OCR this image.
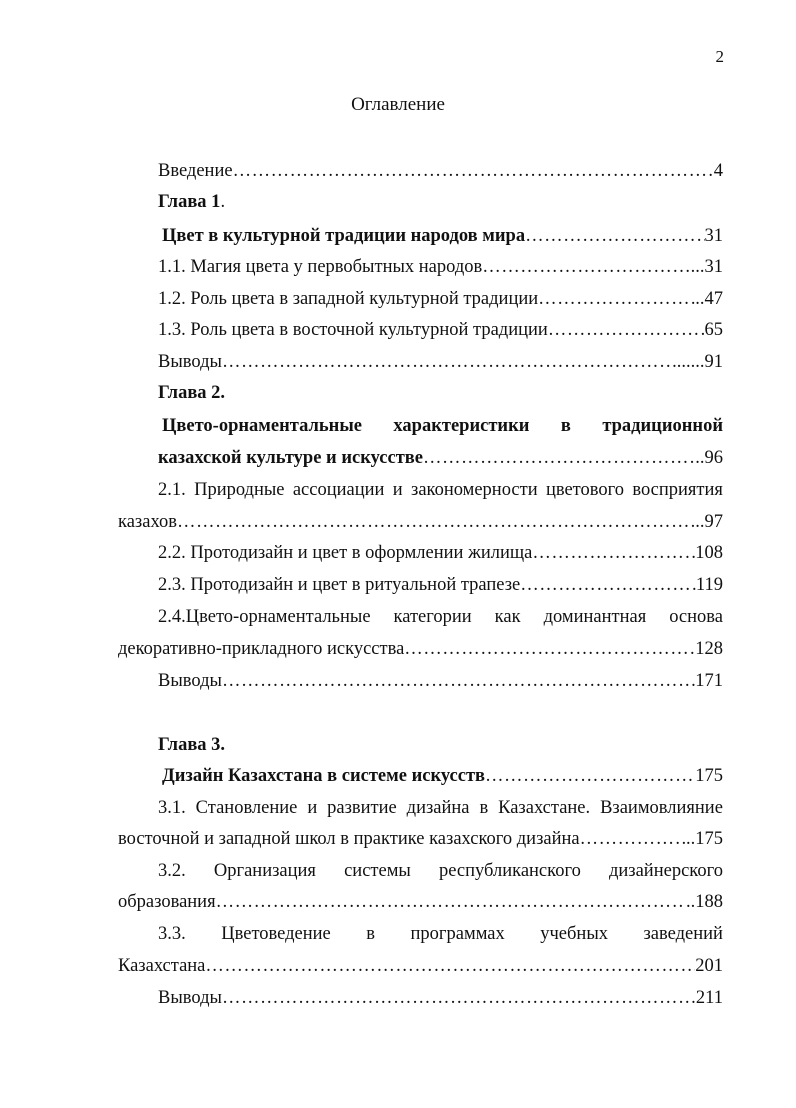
2
Оглавление
Введение ……………………………………………………………………………………………………………………………………………………………………………………………………	4
Глава 1 .
Цвет в культурной традиции народов мира ……………………………………………………………………………………………………………………………………………………………………………………………………	31
1.1. Магия цвета у первобытных народов ……………………………………………………………………………………………………………………………………………………………………………………………………	...31
1.2. Роль цвета в западной культурной традиции ……………………………………………………………………………………………………………………………………………………………………………………………………	..47
1.3. Роль цвета в восточной культурной традиции ……………………………………………………………………………………………………………………………………………………………………………………………………	65
Выводы ……………………………………………………………………………………………………………………………………………………………………………………………………	.......91
Глава 2.
Цвето-орнаментальные характеристики в традиционной
казахской культуре и искусстве ……………………………………………………………………………………………………………………………………………………………………………………………………	..96
2.1. Природные ассоциации и закономерности цветового восприятия
казахов ……………………………………………………………………………………………………………………………………………………………………………………………………	...97
2.2. Протодизайн и цвет в оформлении жилища ……………………………………………………………………………………………………………………………………………………………………………………………………	108
2.3. Протодизайн и цвет в ритуальной трапезе ……………………………………………………………………………………………………………………………………………………………………………………………………	119
2.4.Цвето-орнаментальные категории как доминантная основа
декоративно-прикладного искусства ……………………………………………………………………………………………………………………………………………………………………………………………………	128
Выводы ……………………………………………………………………………………………………………………………………………………………………………………………………	171
Глава 3.
Дизайн Казахстана в системе искусств ……………………………………………………………………………………………………………………………………………………………………………………………………	175
3.1. Становление и развитие дизайна в Казахстане. Взаимовлияние
восточной и западной школ в практике казахского дизайна ……………………………………………………………………………………………………………………………………………………………………………………………………	..175
3.2. Организация системы республиканского дизайнерского
образования ……………………………………………………………………………………………………………………………………………………………………………………………………	..188
3.3. Цветоведение в программах учебных заведений
Казахстана ……………………………………………………………………………………………………………………………………………………………………………………………………	201
Выводы ……………………………………………………………………………………………………………………………………………………………………………………………………	211
